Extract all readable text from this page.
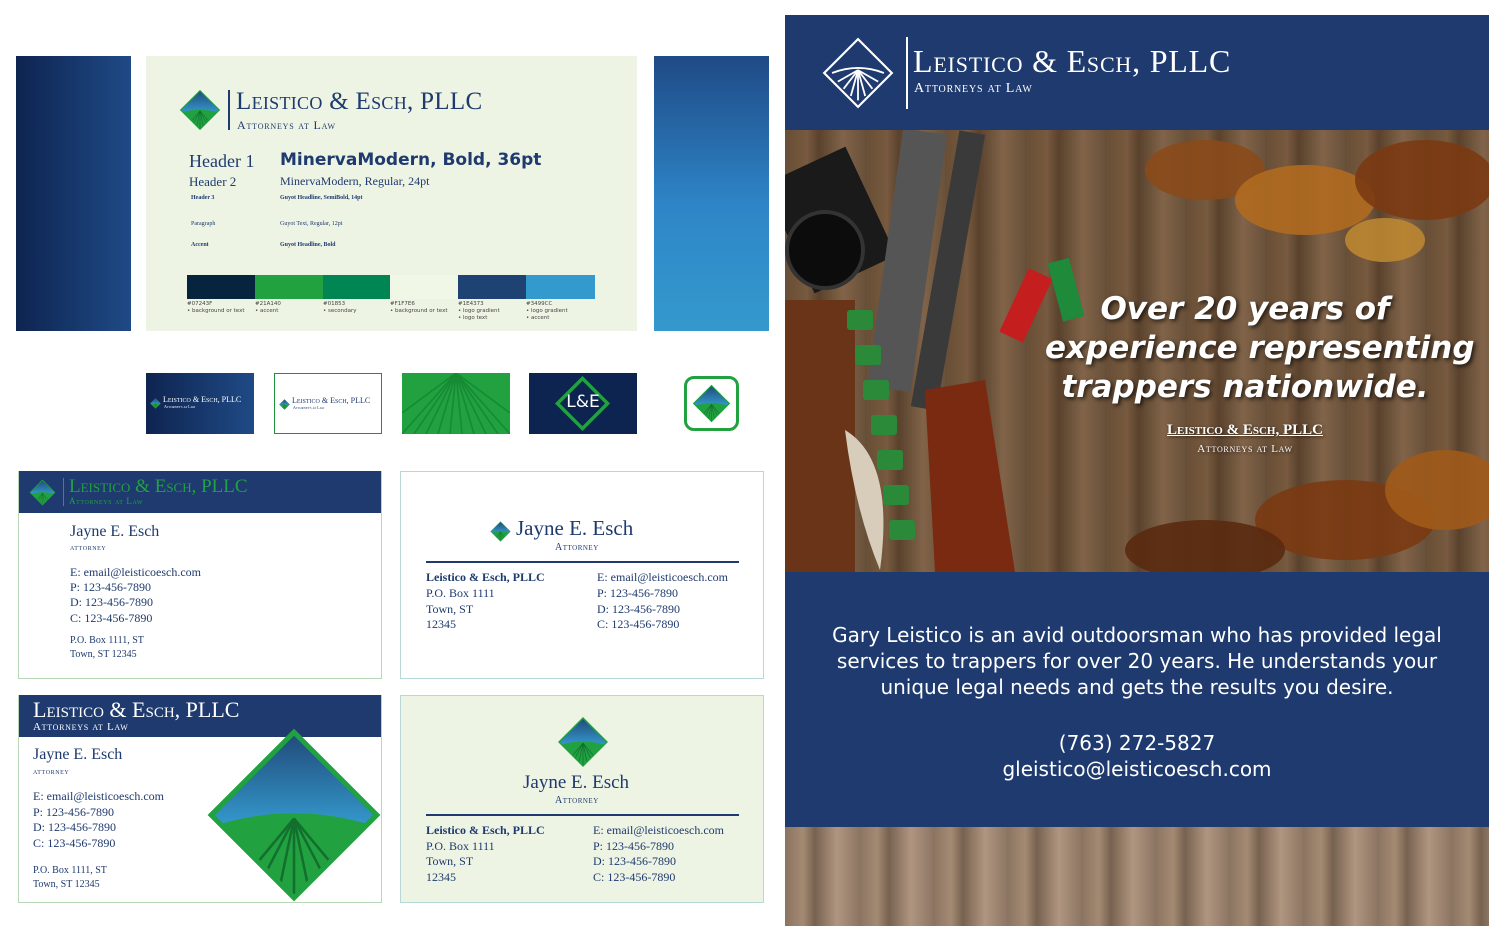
Leistico & Esch, PLLC
Attorneys at Law
Header 1 MinervaModern, Bold, 36pt
Header 2	MinervaModern, Regular, 24pt
Header 3	Guyot Headline, SemiBold, 14pt
Paragraph	Guyot Text, Regular, 12pt
Accent	Guyot Headline, Bold
#07243F
• background or text
#21A140
• accent
#01853
• secondary
#F1F7E6
• background or text
#1E4373
• logo gradient
• logo text
#3499CC
• logo gradient
• accent
Leistico & Esch, PLLC
Attorneys at Law
Leistico & Esch, PLLC
Attorneys at Law	L&E
Leistico & Esch, PLLC
Attorneys at Law
Jayne E. Esch
attorney
E: email@leisticoesch.com
P: 123-456-7890
D: 123-456-7890
C: 123-456-7890
P.O. Box 1111, ST
Town, ST 12345
Jayne E. Esch
Attorney
Leistico & Esch, PLLC
P.O. Box 1111
Town, ST
12345
E: email@leisticoesch.com
P: 123-456-7890
D: 123-456-7890
C: 123-456-7890
Leistico & Esch, PLLC
Attorneys at Law
Jayne E. Esch
attorney
E: email@leisticoesch.com
P: 123-456-7890
D: 123-456-7890
C: 123-456-7890
P.O. Box 1111, ST
Town, ST 12345
Jayne E. Esch
Attorney
Leistico & Esch, PLLC
P.O. Box 1111
Town, ST
12345
E: email@leisticoesch.com
P: 123-456-7890
D: 123-456-7890
C: 123-456-7890
Leistico & Esch, PLLC
Attorneys at Law
Over 20 years of
experience representing
trappers nationwide.
Leistico & Esch, PLLC
Attorneys at Law
Gary Leistico is an avid outdoorsman who has provided legal
services to trappers for over 20 years. He understands your
unique legal needs and gets the results you desire.
(763) 272-5827
gleistico@leisticoesch.com
